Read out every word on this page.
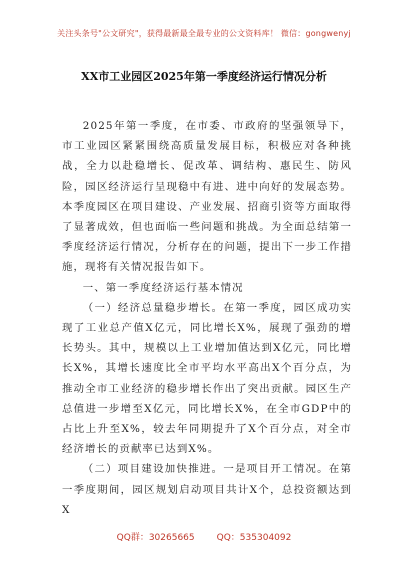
关注头条号"公文研究"，获得最新最全最专业的公文资料库！ 微信：gongwenyj
XX市工业园区2025年第一季度经济运行情况分析

2025年第一季度，在市委、市政府的坚强领导下，市工业园区紧紧围绕高质量发展目标，积极应对各种挑战，全力以赴稳增长、促改革、调结构、惠民生、防风险，园区经济运行呈现稳中有进、进中向好的发展态势。本季度园区在项目建设、产业发展、招商引资等方面取得了显著成效，但也面临一些问题和挑战。为全面总结第一季度经济运行情况，分析存在的问题，提出下一步工作措施，现将有关情况报告如下。

一、第一季度经济运行基本情况

（一）经济总量稳步增长。在第一季度，园区成功实现了工业总产值X亿元，同比增长X%，展现了强劲的增长势头。其中，规模以上工业增加值达到X亿元，同比增长X%，其增长速度比全市平均水平高出X个百分点，为推动全市工业经济的稳步增长作出了突出贡献。园区生产总值进一步增至X亿元，同比增长X%，在全市GDP中的占比上升至X%，较去年同期提升了X个百分点，对全市经济增长的贡献率已达到X%。

（二）项目建设加快推进。一是项目开工情况。在第一季度期间，园区规划启动项目共计X个，总投资额达到X

QQ群：30265665 QQ：535304092
